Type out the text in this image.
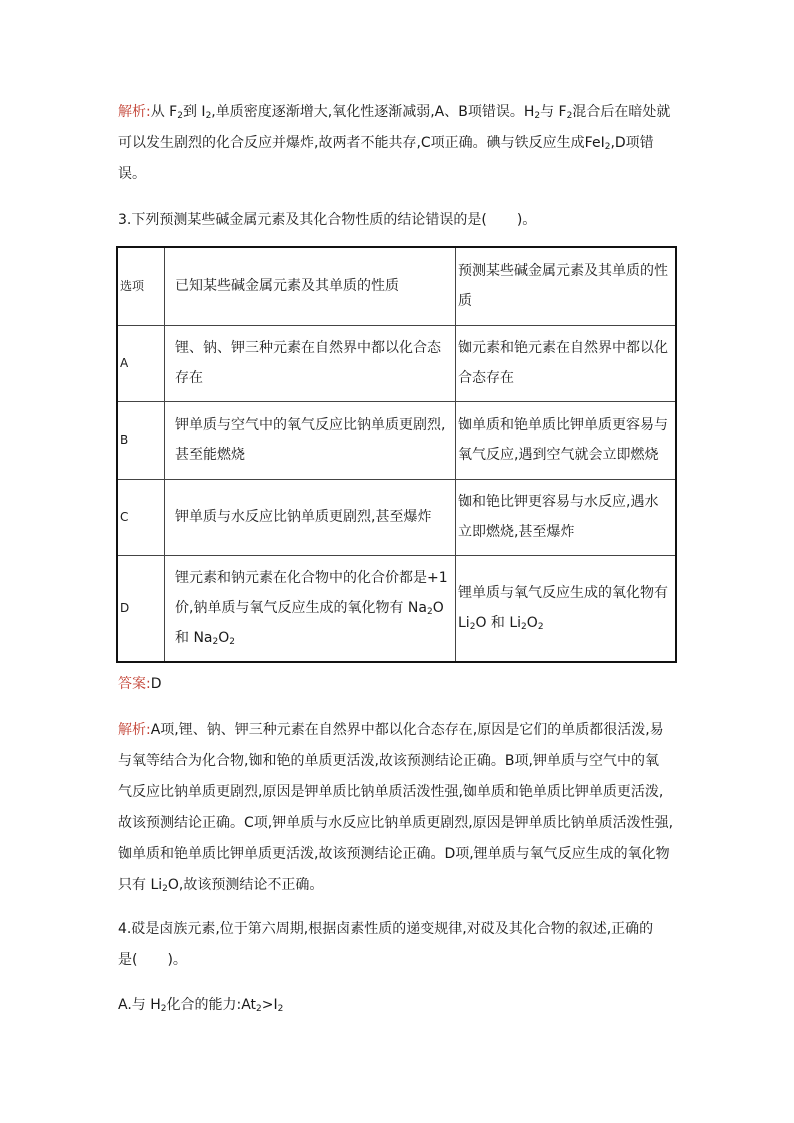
解析:从 $F_2$到 $I_2$,单质密度逐渐增大,氧化性逐渐减弱,A、B项错误。$H_2$与 $F_2$混合后在暗处就
可以发生剧烈的化合反应并爆炸,故两者不能共存,C项正确。碘与铁反应生成FeI$_2$,D项错
误。
3.下列预测某些碱金属元素及其化合物性质的结论错误的是( )。
选项	已知某些碱金属元素及其单质的性质	预测某些碱金属元素及其单质的性质
A	锂、钠、钾三种元素在自然界中都以化合态存在	铷元素和铯元素在自然界中都以化合态存在
B	钾单质与空气中的氧气反应比钠单质更剧烈,甚至能燃烧	铷单质和铯单质比钾单质更容易与氧气反应,遇到空气就会立即燃烧
C	钾单质与水反应比钠单质更剧烈,甚至爆炸	铷和铯比钾更容易与水反应,遇水立即燃烧,甚至爆炸
D	锂元素和钠元素在化合物中的化合价都是+1价,钠单质与氧气反应生成的氧化物有 $Na_2O$ 和 $Na_2O_2$	锂单质与氧气反应生成的氧化物有 $Li_2O$ 和 $Li_2O_2$
答案:D
解析:A项,锂、钠、钾三种元素在自然界中都以化合态存在,原因是它们的单质都很活泼,易
与氧等结合为化合物,铷和铯的单质更活泼,故该预测结论正确。B项,钾单质与空气中的氧
气反应比钠单质更剧烈,原因是钾单质比钠单质活泼性强,铷单质和铯单质比钾单质更活泼,
故该预测结论正确。C项,钾单质与水反应比钠单质更剧烈,原因是钾单质比钠单质活泼性强,
铷单质和铯单质比钾单质更活泼,故该预测结论正确。D项,锂单质与氧气反应生成的氧化物
只有 $Li_2O$,故该预测结论不正确。
4.砹是卤族元素,位于第六周期,根据卤素性质的递变规律,对砹及其化合物的叙述,正确的
是( )。
A.与 $H_2$化合的能力$:At_2>I_2$
